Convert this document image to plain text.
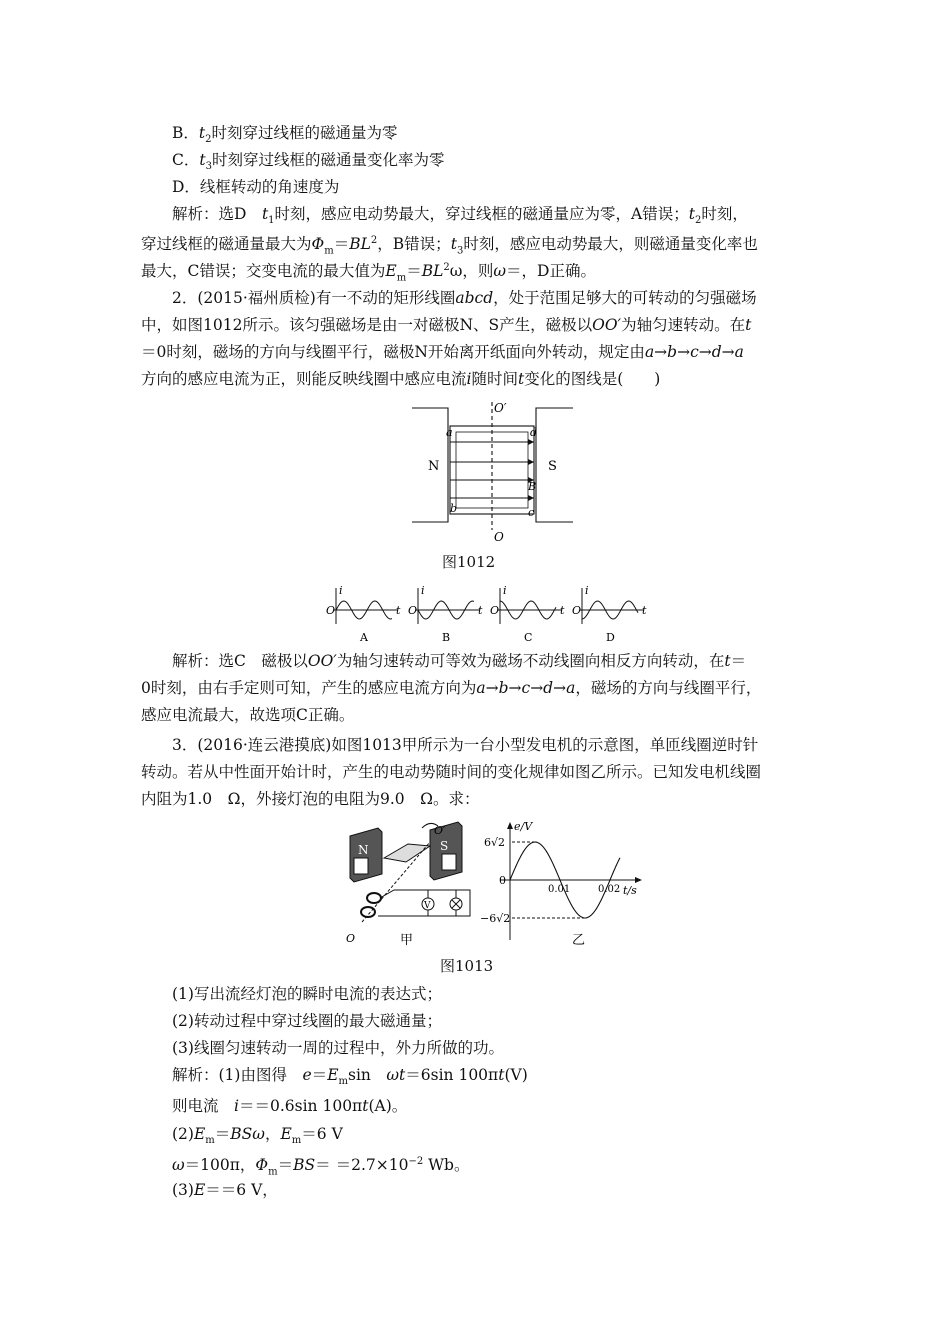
B．$t_2$时刻穿过线框的磁通量为零
C．$t_3$时刻穿过线框的磁通量变化率为零
D．线框转动的角速度为
解析：选D　$t_1$时刻，感应电动势最大，穿过线框的磁通量应为零，A错误；$t_2$时刻，
穿过线框的磁通量最大为$\Phi_m=BL^2$，B错误；$t_3$时刻，感应电动势最大，则磁通量变化率也
最大，C错误；交变电流的最大值为$E_m=BL^2\omega$，则ω＝，D正确。
2．(2015·福州质检)有一不动的矩形线圈abcd，处于范围足够大的可转动的匀强磁场
中，如图1012所示。该匀强磁场是由一对磁极N、S产生，磁极以OO′为轴匀速转动。在t
＝0时刻，磁场的方向与线圈平行，磁极N开始离开纸面向外转动，规定由a→b→c→d→a
方向的感应电流为正，则能反映线圈中感应电流i随时间t变化的图线是(　　)
O′
O
N	S
a	d
b	c
B
图1012
i
t
O
A
i
t
O
B
i
t
O
C
i
t
O
D
解析：选C　磁极以OO′为轴匀速转动可等效为磁场不动线圈向相反方向转动，在t＝
0时刻，由右手定则可知，产生的感应电流方向为a→b→c→d→a，磁场的方向与线圈平行，
感应电流最大，故选项C正确。
3．(2016·连云港摸底)如图1013甲所示为一台小型发电机的示意图，单匝线圈逆时针
转动。若从中性面开始计时，产生的电动势随时间的变化规律如图乙所示。已知发电机线圈
内阻为1.0　Ω，外接灯泡的电阻为9.0　Ω。求：
N	S
O′
O
V
甲
e/V
t/s
6√2
−6√2
0
0.01	0.02
乙
图1013
(1)写出流经灯泡的瞬时电流的表达式；
(2)转动过程中穿过线圈的最大磁通量；
(3)线圈匀速转动一周的过程中，外力所做的功。
解析：(1)由图得　 $e=E_m\sin$　ωt＝6sin 100πt(V)
则电流　 i＝＝0.6sin 100πt(A)。
$(2)E_m=BS\omega$，$E_m=6$ V
ω＝100π，$\Phi_m=BS= =2.7\times 10^{-2}$ Wb。
(3)E＝＝6 V，
